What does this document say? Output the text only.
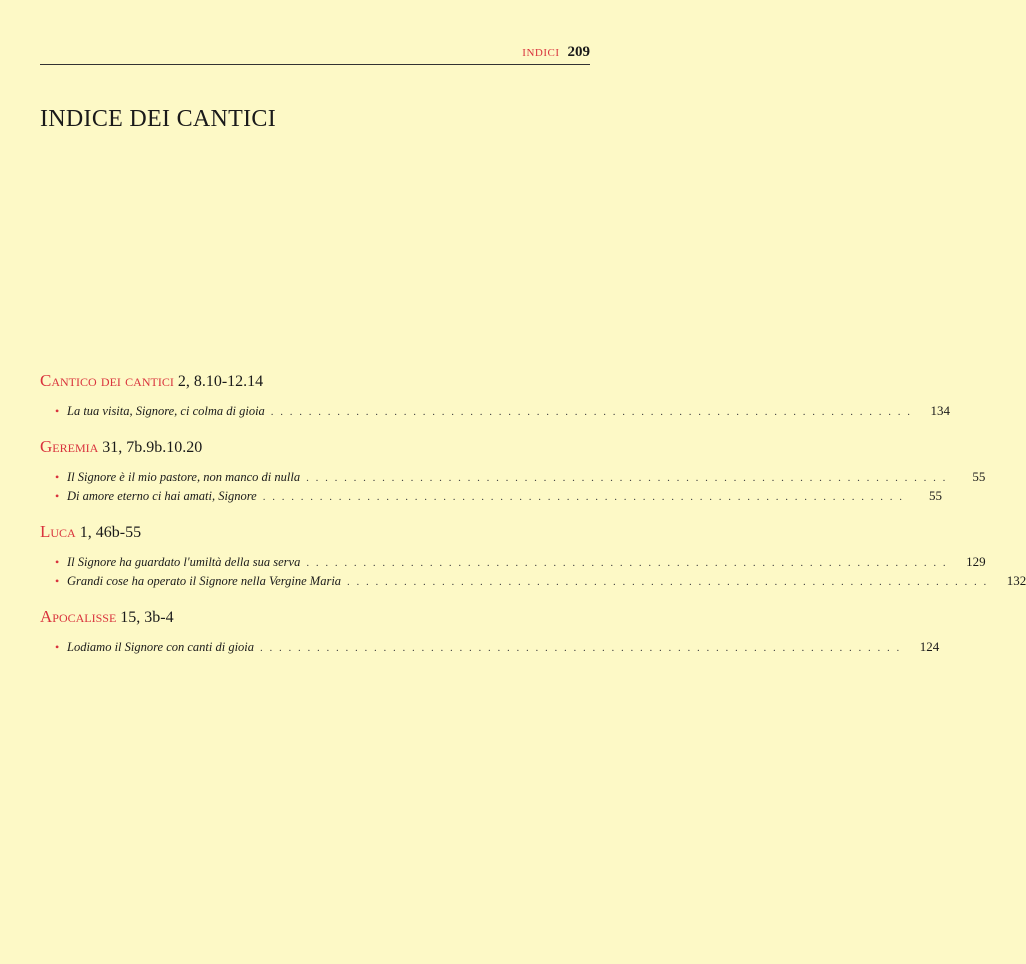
INDICI 209
INDICE DEI CANTICI
Cantico dei cantici 2, 8.10-12.14
• La tua visita, Signore, ci colma di gioia . . . . . . . . . . . . . . . . . . . . . . . . . . . . . . . . . . . . . . . . . . . . . . . . . . . . . . . . . . . . . . . . . . . .	134
Geremia 31, 7b.9b.10.20
• Il Signore è il mio pastore, non manco di nulla . . . . . . . . . . . . . . . . . . . . . . . . . . . . . . . . . . . . . . . . . . . . . . . . . . . . . . . . . . . . . . . . . . . .	55
• Di amore eterno ci hai amati, Signore . . . . . . . . . . . . . . . . . . . . . . . . . . . . . . . . . . . . . . . . . . . . . . . . . . . . . . . . . . . . . . . . . . . .	55
Luca 1, 46b-55
• Il Signore ha guardato l'umiltà della sua serva . . . . . . . . . . . . . . . . . . . . . . . . . . . . . . . . . . . . . . . . . . . . . . . . . . . . . . . . . . . . . . . . . . . .	129
• Grandi cose ha operato il Signore nella Vergine Maria . . . . . . . . . . . . . . . . . . . . . . . . . . . . . . . . . . . . . . . . . . . . . . . . . . . . . . . . . . . . . . . . . . . .	132
Apocalisse 15, 3b-4
• Lodiamo il Signore con canti di gioia . . . . . . . . . . . . . . . . . . . . . . . . . . . . . . . . . . . . . . . . . . . . . . . . . . . . . . . . . . . . . . . . . . . .	124
